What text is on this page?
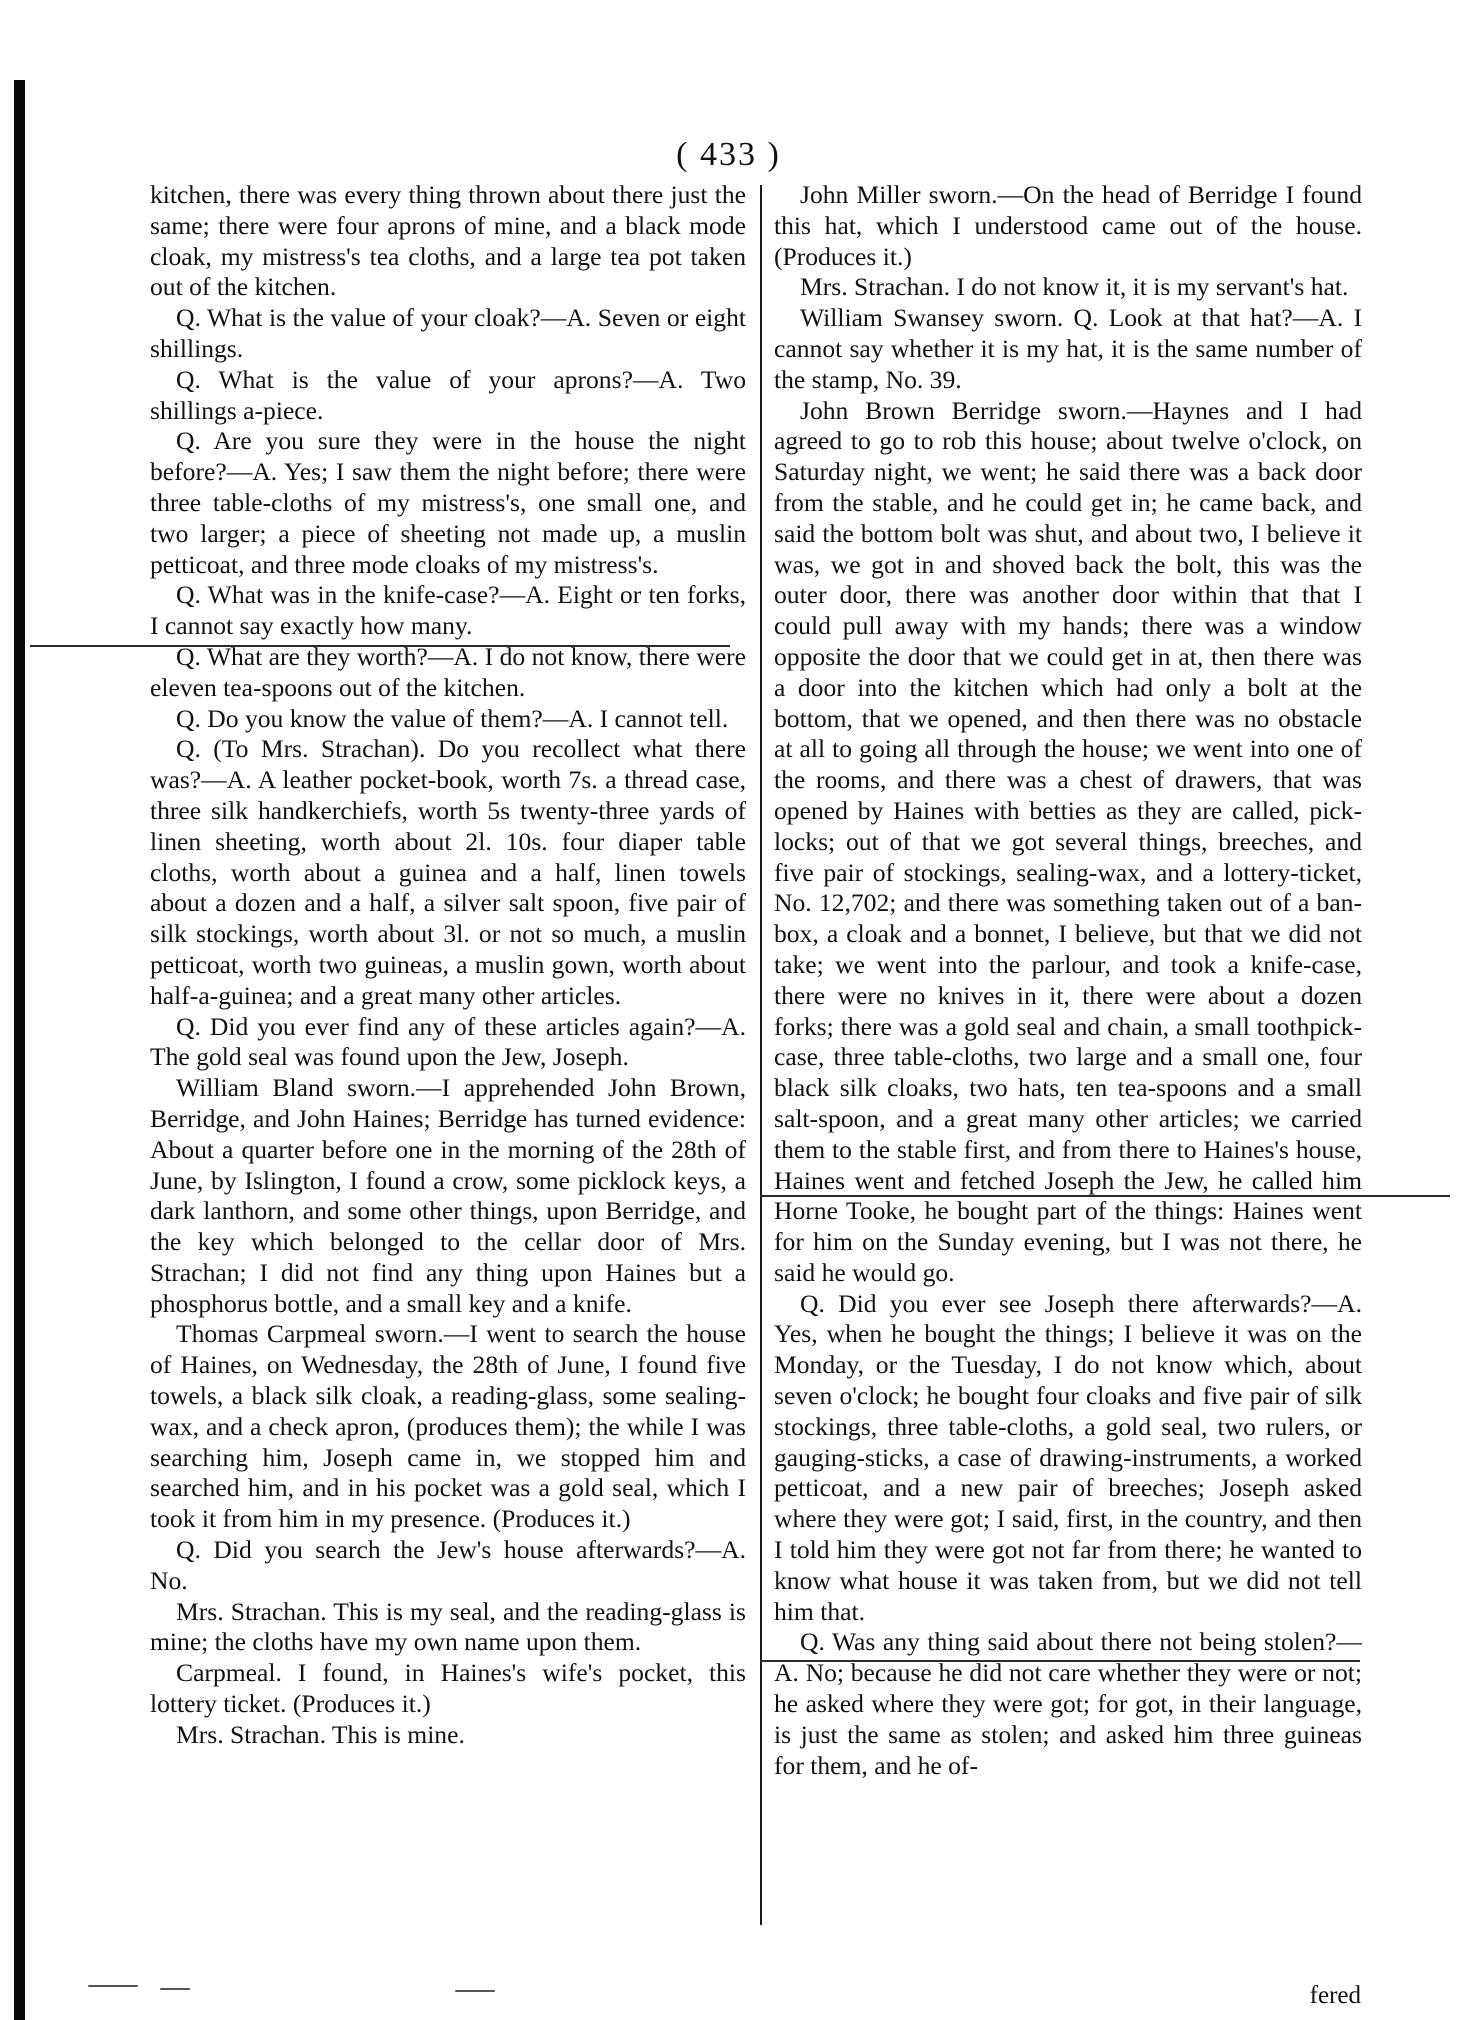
( 433 )

kitchen, there was every thing thrown about there just the same; there were four aprons of mine, and a black mode cloak, my mistress's tea cloths, and a large tea pot taken out of the kitchen.

Q. What is the value of your cloak?—A. Seven or eight shillings.

Q. What is the value of your aprons?—A. Two shillings a-piece.

Q. Are you sure they were in the house the night before?—A. Yes; I saw them the night before; there were three table-cloths of my mistress's, one small one, and two larger; a piece of sheeting not made up, a muslin petticoat, and three mode cloaks of my mistress's.

Q. What was in the knife-case?—A. Eight or ten forks, I cannot say exactly how many.

Q. What are they worth?—A. I do not know, there were eleven tea-spoons out of the kitchen.

Q. Do you know the value of them?—A. I cannot tell.

Q. (To Mrs. Strachan). Do you recollect what there was?—A. A leather pocket-book, worth 7s. a thread case, three silk handkerchiefs, worth 5s twenty-three yards of linen sheeting, worth about 2l. 10s. four diaper table cloths, worth about a guinea and a half, linen towels about a dozen and a half, a silver salt spoon, five pair of silk stockings, worth about 3l. or not so much, a muslin petticoat, worth two guineas, a muslin gown, worth about half-a-guinea; and a great many other articles.

Q. Did you ever find any of these articles again?—A. The gold seal was found upon the Jew, Joseph.

William Bland sworn.—I apprehended John Brown, Berridge, and John Haines; Berridge has turned evidence: About a quarter before one in the morning of the 28th of June, by Islington, I found a crow, some picklock keys, a dark lanthorn, and some other things, upon Berridge, and the key which belonged to the cellar door of Mrs. Strachan; I did not find any thing upon Haines but a phosphorus bottle, and a small key and a knife.

Thomas Carpmeal sworn.—I went to search the house of Haines, on Wednesday, the 28th of June, I found five towels, a black silk cloak, a reading-glass, some sealing-wax, and a check apron, (produces them); the while I was searching him, Joseph came in, we stopped him and searched him, and in his pocket was a gold seal, which I took it from him in my presence. (Produces it.)

Q. Did you search the Jew's house afterwards?—A. No.

Mrs. Strachan. This is my seal, and the reading-glass is mine; the cloths have my own name upon them.

Carpmeal. I found, in Haines's wife's pocket, this lottery ticket. (Produces it.)

Mrs. Strachan. This is mine.

John Miller sworn.—On the head of Berridge I found this hat, which I understood came out of the house. (Produces it.)

Mrs. Strachan. I do not know it, it is my servant's hat.

William Swansey sworn. Q. Look at that hat?—A. I cannot say whether it is my hat, it is the same number of the stamp, No. 39.

John Brown Berridge sworn.—Haynes and I had agreed to go to rob this house; about twelve o'clock, on Saturday night, we went; he said there was a back door from the stable, and he could get in; he came back, and said the bottom bolt was shut, and about two, I believe it was, we got in and shoved back the bolt, this was the outer door, there was another door within that that I could pull away with my hands; there was a window opposite the door that we could get in at, then there was a door into the kitchen which had only a bolt at the bottom, that we opened, and then there was no obstacle at all to going all through the house; we went into one of the rooms, and there was a chest of drawers, that was opened by Haines with betties as they are called, pick-locks; out of that we got several things, breeches, and five pair of stockings, sealing-wax, and a lottery-ticket, No. 12,702; and there was something taken out of a ban-box, a cloak and a bonnet, I believe, but that we did not take; we went into the parlour, and took a knife-case, there were no knives in it, there were about a dozen forks; there was a gold seal and chain, a small toothpick-case, three table-cloths, two large and a small one, four black silk cloaks, two hats, ten tea-spoons and a small salt-spoon, and a great many other articles; we carried them to the stable first, and from there to Haines's house, Haines went and fetched Joseph the Jew, he called him Horne Tooke, he bought part of the things: Haines went for him on the Sunday evening, but I was not there, he said he would go.

Q. Did you ever see Joseph there afterwards?—A. Yes, when he bought the things; I believe it was on the Monday, or the Tuesday, I do not know which, about seven o'clock; he bought four cloaks and five pair of silk stockings, three table-cloths, a gold seal, two rulers, or gauging-sticks, a case of drawing-instruments, a worked petticoat, and a new pair of breeches; Joseph asked where they were got; I said, first, in the country, and then I told him they were got not far from there; he wanted to know what house it was taken from, but we did not tell him that.

Q. Was any thing said about there not being stolen?—A. No; because he did not care whether they were or not; he asked where they were got; for got, in their language, is just the same as stolen; and asked him three guineas for them, and he of-

fered
